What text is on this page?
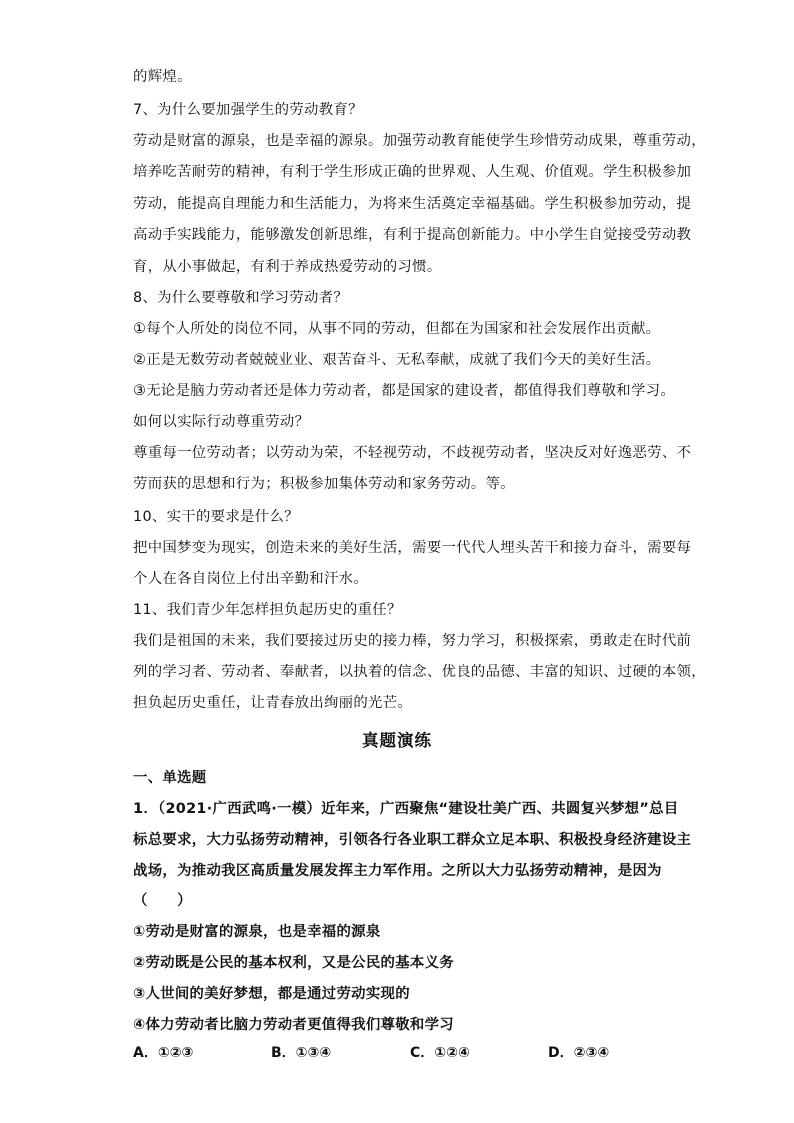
的辉煌。
7、为什么要加强学生的劳动教育？
劳动是财富的源泉，也是幸福的源泉。加强劳动教育能使学生珍惜劳动成果，尊重劳动，
培养吃苦耐劳的精神，有利于学生形成正确的世界观、人生观、价值观。学生积极参加
劳动，能提高自理能力和生活能力，为将来生活奠定幸福基础。学生积极参加劳动，提
高动手实践能力，能够激发创新思维，有利于提高创新能力。中小学生自觉接受劳动教
育，从小事做起，有利于养成热爱劳动的习惯。
8、为什么要尊敬和学习劳动者？
①每个人所处的岗位不同，从事不同的劳动，但都在为国家和社会发展作出贡献。
②正是无数劳动者兢兢业业、艰苦奋斗、无私奉献，成就了我们今天的美好生活。
③无论是脑力劳动者还是体力劳动者，都是国家的建设者，都值得我们尊敬和学习。
如何以实际行动尊重劳动？
尊重每一位劳动者；以劳动为荣，不轻视劳动，不歧视劳动者，坚决反对好逸恶劳、不
劳而获的思想和行为；积极参加集体劳动和家务劳动。等。
10、实干的要求是什么？
把中国梦变为现实，创造未来的美好生活，需要一代代人埋头苦干和接力奋斗，需要每
个人在各自岗位上付出辛勤和汗水。
11、我们青少年怎样担负起历史的重任？
我们是祖国的未来，我们要接过历史的接力棒，努力学习，积极探索，勇敢走在时代前
列的学习者、劳动者、奉献者，以执着的信念、优良的品德、丰富的知识、过硬的本领，
担负起历史重任，让青春放出绚丽的光芒。
真题演练
一、单选题
1．（2021·广西武鸣·一模）近年来，广西聚焦“建设壮美广西、共圆复兴梦想”总目
标总要求，大力弘扬劳动精神，引领各行各业职工群众立足本职、积极投身经济建设主
战场，为推动我区高质量发展发挥主力军作用。之所以大力弘扬劳动精神，是因为
（　　）
①劳动是财富的源泉，也是幸福的源泉
②劳动既是公民的基本权利，又是公民的基本义务
③人世间的美好梦想，都是通过劳动实现的
④体力劳动者比脑力劳动者更值得我们尊敬和学习
A．①②③	B．①③④	C．①②④	D．②③④
